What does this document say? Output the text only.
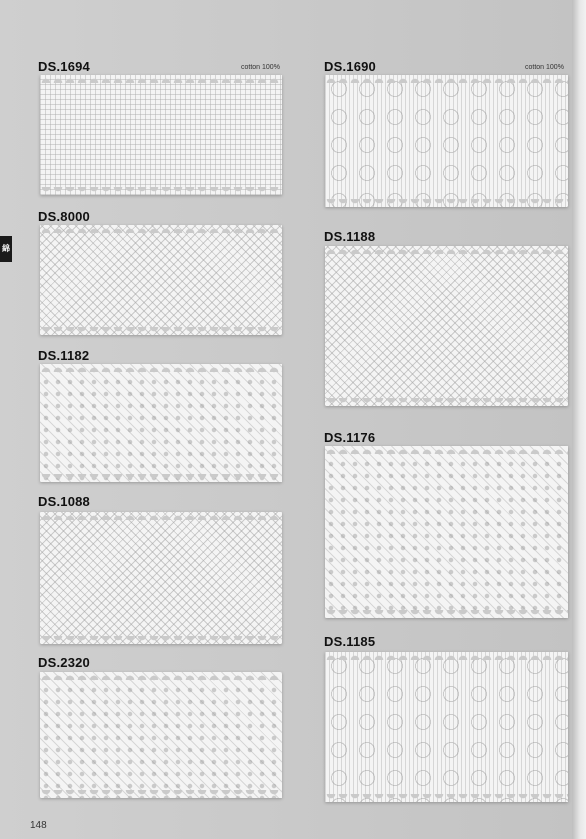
綿
DS.1694	cotton 100%
DS.8000
DS.1182
DS.1088
DS.2320
DS.1690	cotton 100%
DS.1188
DS.1176
DS.1185
148
